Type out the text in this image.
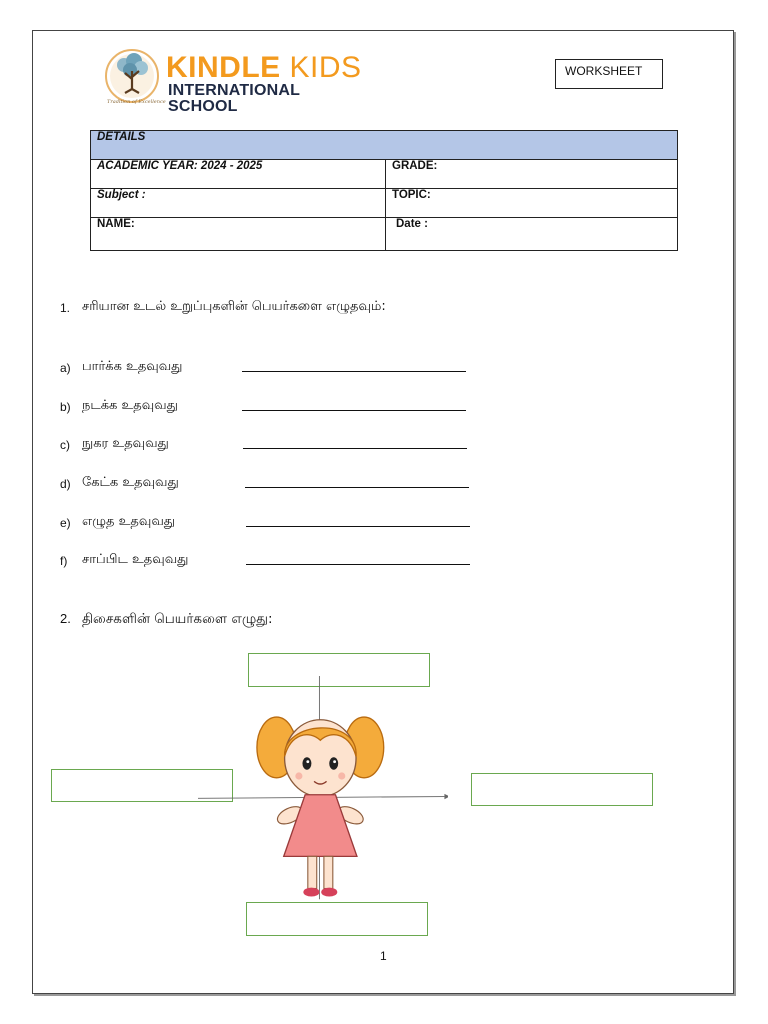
KINDLE KIDS
INTERNATIONAL SCHOOL
Tradition of Excellence
WORKSHEET
DETAILS	
ACADEMIC YEAR: 2024 - 2025	GRADE:
Subject :	TOPIC:
NAME:	Date :
1. சரியான உடல் உறுப்புகளின் பெயர்களை எழுதவும்:
a) பார்க்க உதவுவது
b) நடக்க உதவுவது
c) நுகர உதவுவது
d) கேட்க உதவுவது
e) எழுத உதவுவது
f) சாப்பிட உதவுவது
2. திசைகளின் பெயர்களை எழுது:
1
